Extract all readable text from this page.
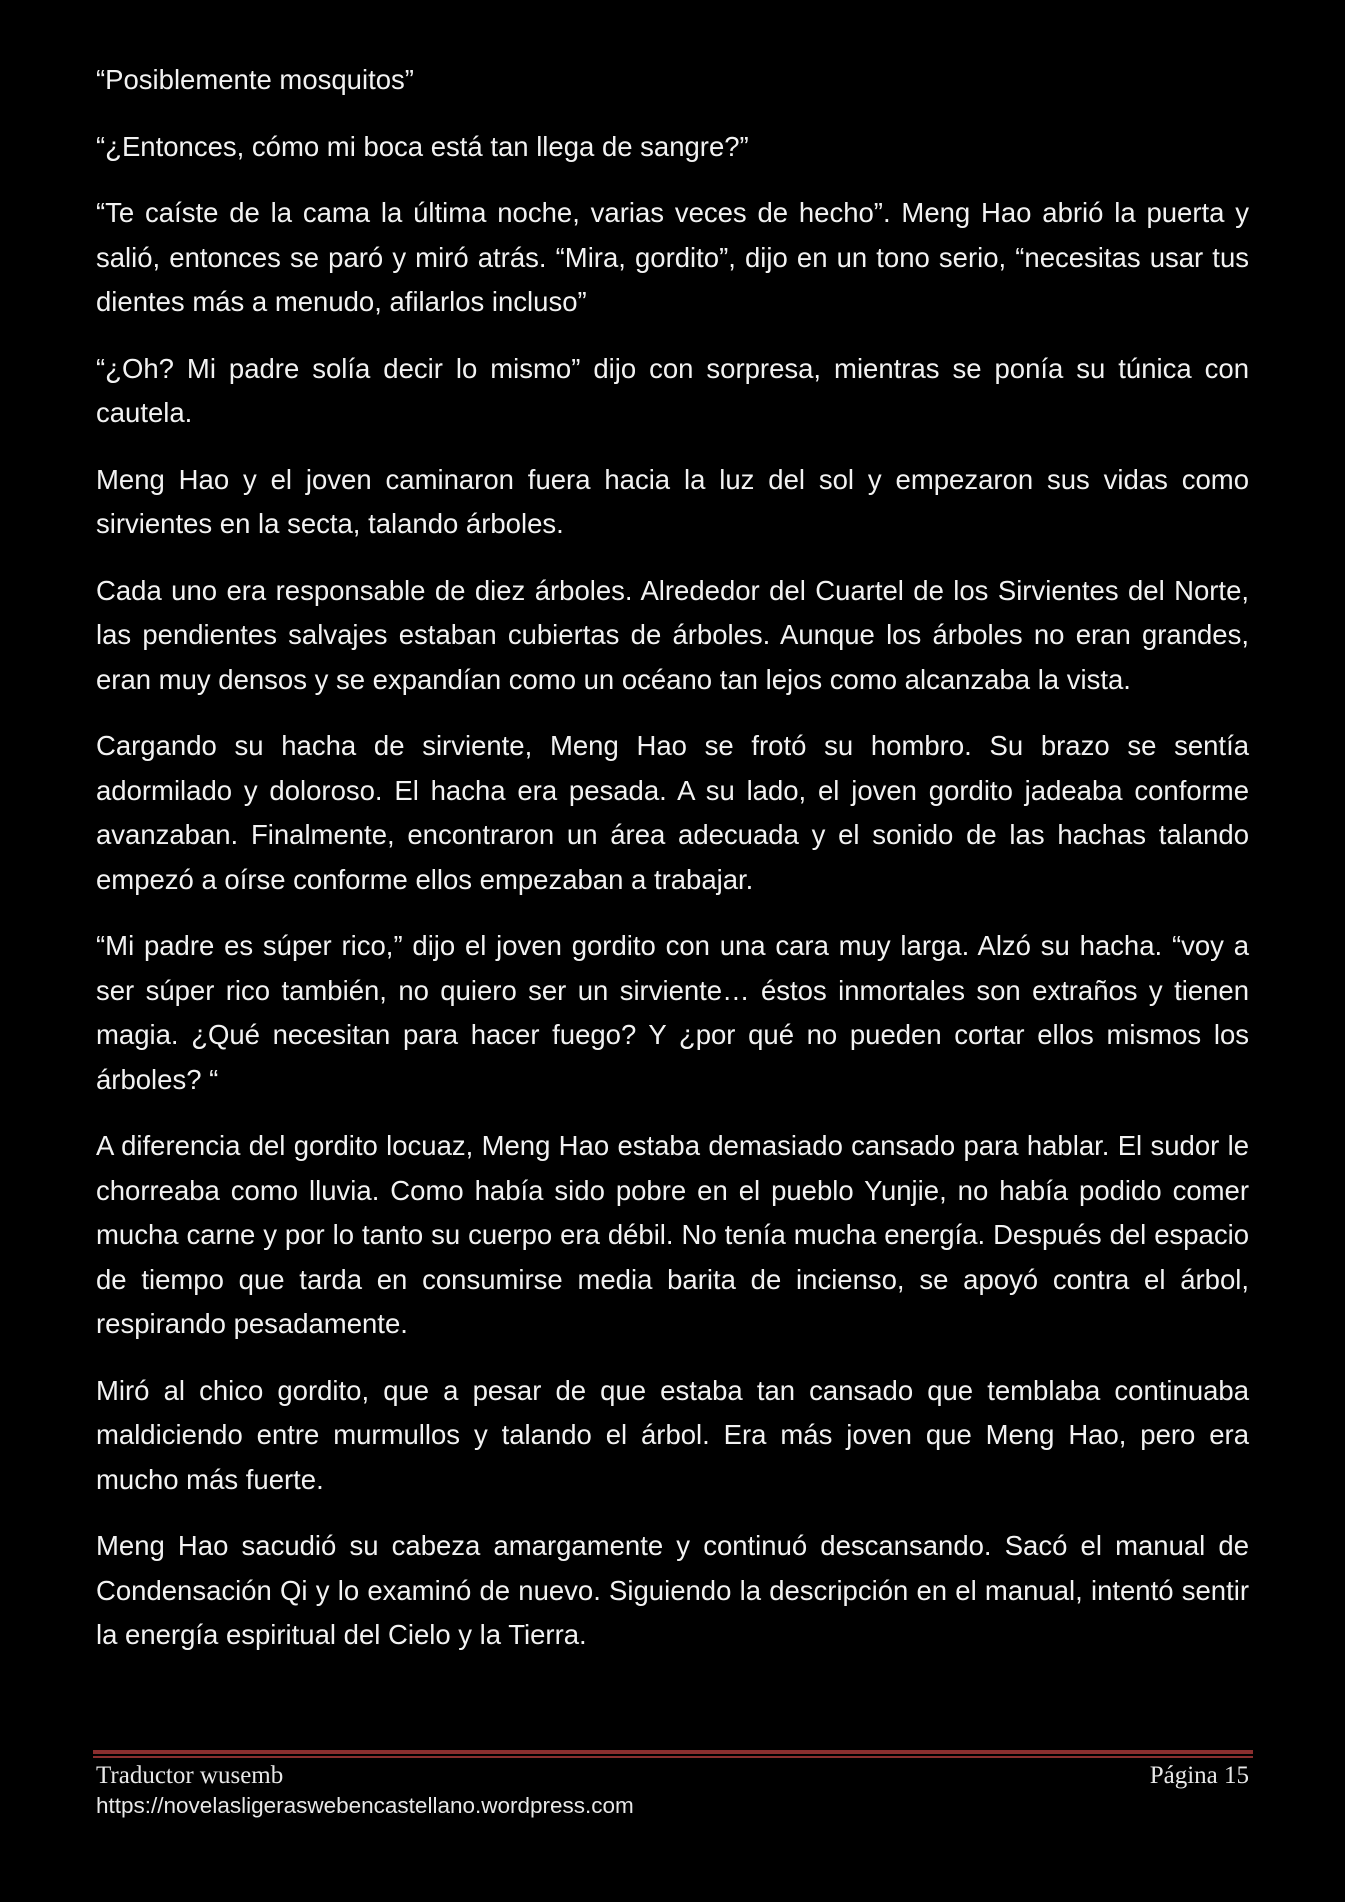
“Posiblemente mosquitos”

“¿Entonces, cómo mi boca está tan llega de sangre?”

“Te caíste de la cama la última noche, varias veces de hecho”. Meng Hao abrió la puerta y salió, entonces se paró y miró atrás. “Mira, gordito”, dijo en un tono serio, “necesitas usar tus dientes más a menudo, afilarlos incluso”

“¿Oh? Mi padre solía decir lo mismo” dijo con sorpresa, mientras se ponía su túnica con cautela.

Meng Hao y el joven caminaron fuera hacia la luz del sol y empezaron sus vidas como sirvientes en la secta, talando árboles.

Cada uno era responsable de diez árboles. Alrededor del Cuartel de los Sirvientes del Norte, las pendientes salvajes estaban cubiertas de árboles. Aunque los árboles no eran grandes, eran muy densos y se expandían como un océano tan lejos como alcanzaba la vista.

Cargando su hacha de sirviente, Meng Hao se frotó su hombro. Su brazo se sentía adormilado y doloroso. El hacha era pesada. A su lado, el joven gordito jadeaba conforme avanzaban. Finalmente, encontraron un área adecuada y el sonido de las hachas talando empezó a oírse conforme ellos empezaban a trabajar.

“Mi padre es súper rico,” dijo el joven gordito con una cara muy larga. Alzó su hacha. “voy a ser súper rico también, no quiero ser un sirviente… éstos inmortales son extraños y tienen magia. ¿Qué necesitan para hacer fuego? Y ¿por qué no pueden cortar ellos mismos los árboles? “

A diferencia del gordito locuaz, Meng Hao estaba demasiado cansado para hablar. El sudor le chorreaba como lluvia. Como había sido pobre en el pueblo Yunjie, no había podido comer mucha carne y por lo tanto su cuerpo era débil. No tenía mucha energía. Después del espacio de tiempo que tarda en consumirse media barita de incienso, se apoyó contra el árbol, respirando pesadamente.

Miró al chico gordito, que a pesar de que estaba tan cansado que temblaba continuaba maldiciendo entre murmullos y talando el árbol. Era más joven que Meng Hao, pero era mucho más fuerte.

Meng Hao sacudió su cabeza amargamente y continuó descansando. Sacó el manual de Condensación Qi y lo examinó de nuevo. Siguiendo la descripción en el manual, intentó sentir la energía espiritual del Cielo y la Tierra.

Traductor wusemb	Página 15
https://novelasligeraswebencastellano.wordpress.com
